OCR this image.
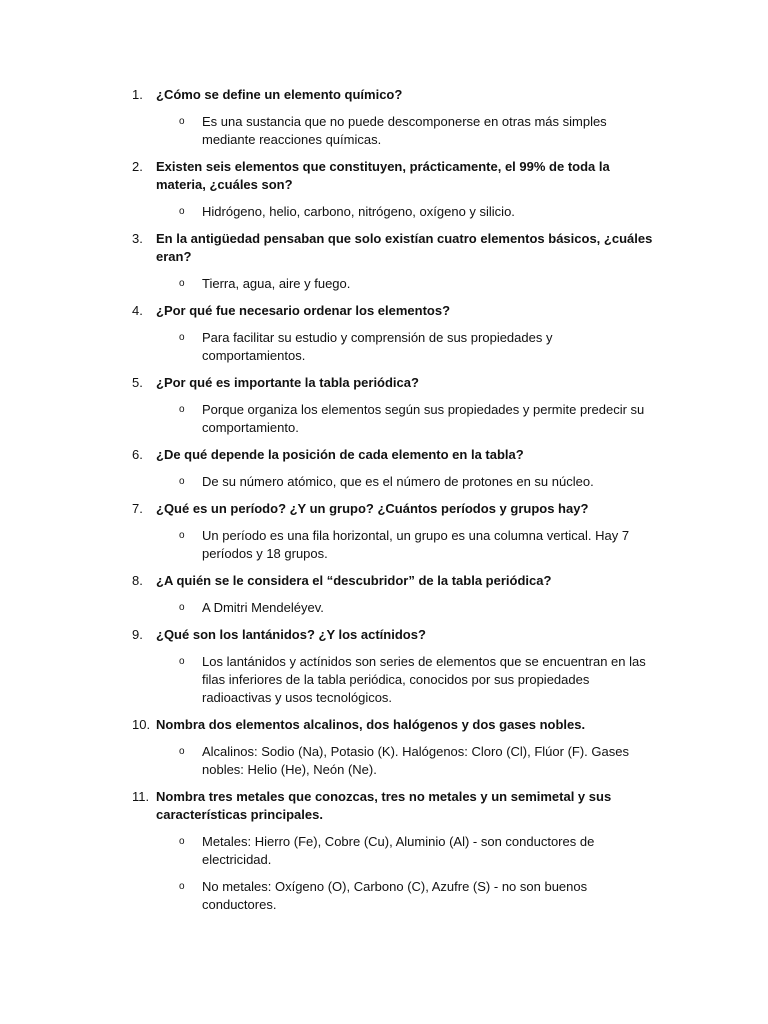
1.	¿Cómo se define un elemento químico?

o Es una sustancia que no puede descomponerse en otras más simples mediante reacciones químicas.
2.	Existen seis elementos que constituyen, prácticamente, el 99% de toda la materia, ¿cuáles son?

o Hidrógeno, helio, carbono, nitrógeno, oxígeno y silicio.
3.	En la antigüedad pensaban que solo existían cuatro elementos básicos, ¿cuáles eran?

o Tierra, agua, aire y fuego.
4.	¿Por qué fue necesario ordenar los elementos?

o Para facilitar su estudio y comprensión de sus propiedades y comportamientos.
5.	¿Por qué es importante la tabla periódica?

o Porque organiza los elementos según sus propiedades y permite predecir su comportamiento.
6.	¿De qué depende la posición de cada elemento en la tabla?

o De su número atómico, que es el número de protones en su núcleo.
7.	¿Qué es un período? ¿Y un grupo? ¿Cuántos períodos y grupos hay?

o Un período es una fila horizontal, un grupo es una columna vertical. Hay 7 períodos y 18 grupos.
8.	¿A quién se le considera el “descubridor” de la tabla periódica?

o A Dmitri Mendeléyev.
9.	¿Qué son los lantánidos? ¿Y los actínidos?

o Los lantánidos y actínidos son series de elementos que se encuentran en las filas inferiores de la tabla periódica, conocidos por sus propiedades radioactivas y usos tecnológicos.
10. Nombra dos elementos alcalinos, dos halógenos y dos gases nobles.

o Alcalinos: Sodio (Na), Potasio (K). Halógenos: Cloro (Cl), Flúor (F). Gases nobles: Helio (He), Neón (Ne).
11. Nombra tres metales que conozcas, tres no metales y un semimetal y sus características principales.

o Metales: Hierro (Fe), Cobre (Cu), Aluminio (Al) - son conductores de electricidad.
o No metales: Oxígeno (O), Carbono (C), Azufre (S) - no son buenos conductores.
